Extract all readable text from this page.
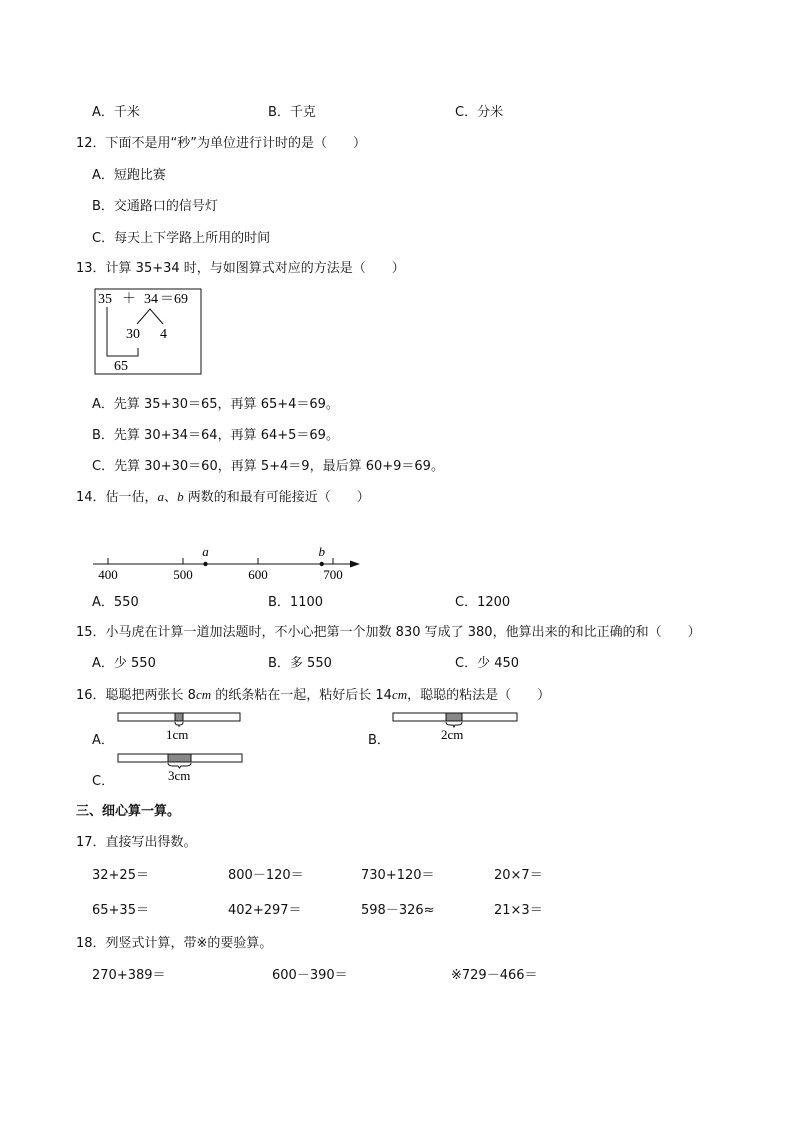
A．千米	B．千克	C．分米
12．下面不是用“秒”为单位进行计时的是（　　）
A．短跑比赛
B．交通路口的信号灯
C．每天上下学路上所用的时间
13．计算 35+34 时，与如图算式对应的方法是（　　）
35 ＋ 34 ＝69
30 4
65
A．先算 35+30＝65，再算 65+4＝69。
B．先算 30+34＝64，再算 64+5＝69。
C．先算 30+30＝60，再算 5+4＝9，最后算 60+9＝69。
14．估一估，a、b 两数的和最有可能接近（　　）
400	500	600	700
a	b
A．550	B．1100	C．1200
15．小马虎在计算一道加法题时，不小心把第一个加数 830 写成了 380，他算出来的和比正确的和（　　）
A．少 550	B．多 550	C．少 450
16．聪聪把两张长 8cm 的纸条粘在一起，粘好后长 14cm，聪聪的粘法是（　　）
A．	1cm	B．	2cm
C．	3cm
三、细心算一算。
17．直接写出得数。
32+25＝	800－120＝	730+120＝	20×7＝
65+35＝	402+297＝	598－326≈	21×3＝
18．列竖式计算，带※的要验算。
270+389＝	600－390＝	※729－466＝
